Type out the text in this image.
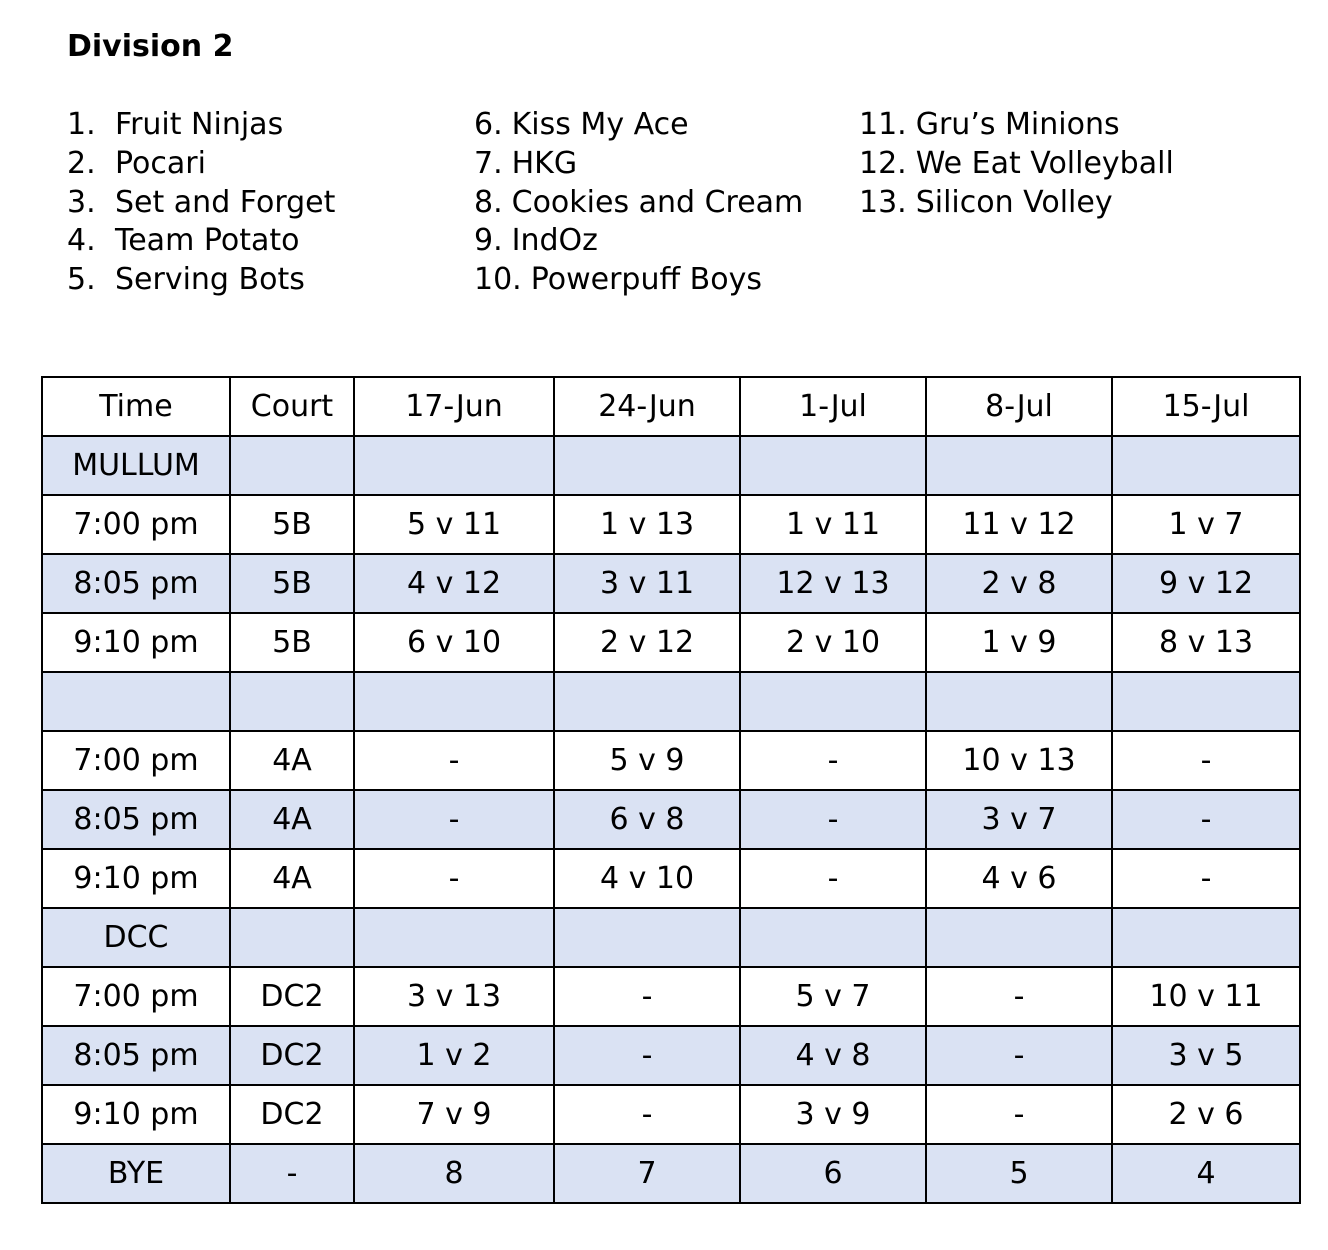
Division 2
1. Fruit Ninjas
2. Pocari
3. Set and Forget
4. Team Potato
5. Serving Bots
6. Kiss My Ace
7. HKG
8. Cookies and Cream
9. IndOz
10. Powerpuff Boys
11. Gru’s Minions
12. We Eat Volleyball
13. Silicon Volley
Time	Court	17-Jun	24-Jun	1-Jul	8-Jul	15-Jul
MULLUM						
7:00 pm	5B	5 v 11	1 v 13	1 v 11	11 v 12	1 v 7
8:05 pm	5B	4 v 12	3 v 11	12 v 13	2 v 8	9 v 12
9:10 pm	5B	6 v 10	2 v 12	2 v 10	1 v 9	8 v 13

7:00 pm	4A	-	5 v 9	-	10 v 13	-
8:05 pm	4A	-	6 v 8	-	3 v 7	-
9:10 pm	4A	-	4 v 10	-	4 v 6	-
DCC						
7:00 pm	DC2	3 v 13	-	5 v 7	-	10 v 11
8:05 pm	DC2	1 v 2	-	4 v 8	-	3 v 5
9:10 pm	DC2	7 v 9	-	3 v 9	-	2 v 6
BYE	-	8	7	6	5	4
